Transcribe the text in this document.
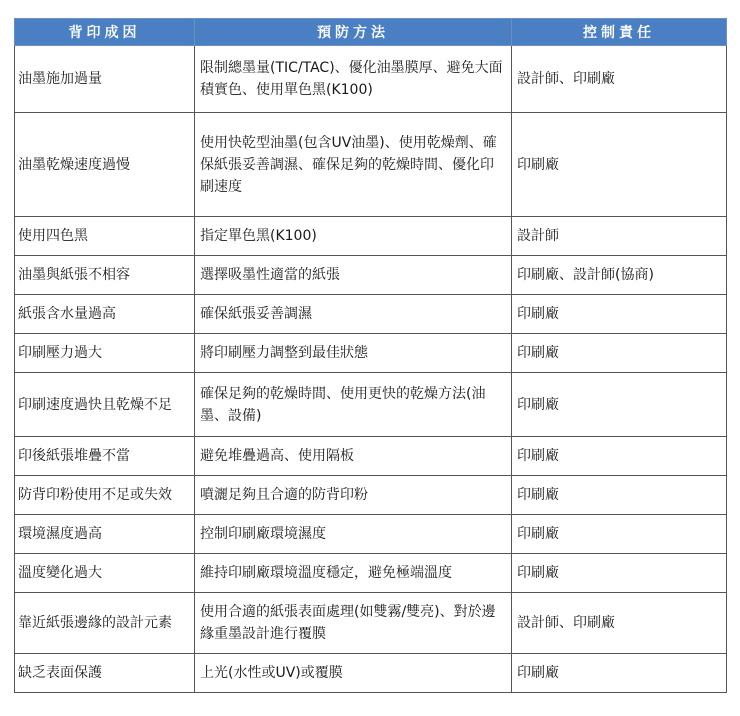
背印成因	預防方法	控制責任
油墨施加過量	限制總墨量(TIC/TAC)、優化油墨膜厚、避免大面積實色、使用單色黑(K100)	設計師、印刷廠
油墨乾燥速度過慢	使用快乾型油墨(包含UV油墨)、使用乾燥劑、確保紙張妥善調濕、確保足夠的乾燥時間、優化印刷速度	印刷廠
使用四色黑	指定單色黑(K100)	設計師
油墨與紙張不相容	選擇吸墨性適當的紙張	印刷廠、設計師(協商)
紙張含水量過高	確保紙張妥善調濕	印刷廠
印刷壓力過大	將印刷壓力調整到最佳狀態	印刷廠
印刷速度過快且乾燥不足	確保足夠的乾燥時間、使用更快的乾燥方法(油墨、設備)	印刷廠
印後紙張堆疊不當	避免堆疊過高、使用隔板	印刷廠
防背印粉使用不足或失效	噴灑足夠且合適的防背印粉	印刷廠
環境濕度過高	控制印刷廠環境濕度	印刷廠
溫度變化過大	維持印刷廠環境溫度穩定，避免極端溫度	印刷廠
靠近紙張邊緣的設計元素	使用合適的紙張表面處理(如雙霧/雙亮)、對於邊緣重墨設計進行覆膜	設計師、印刷廠
缺乏表面保護	上光(水性或UV)或覆膜	印刷廠
